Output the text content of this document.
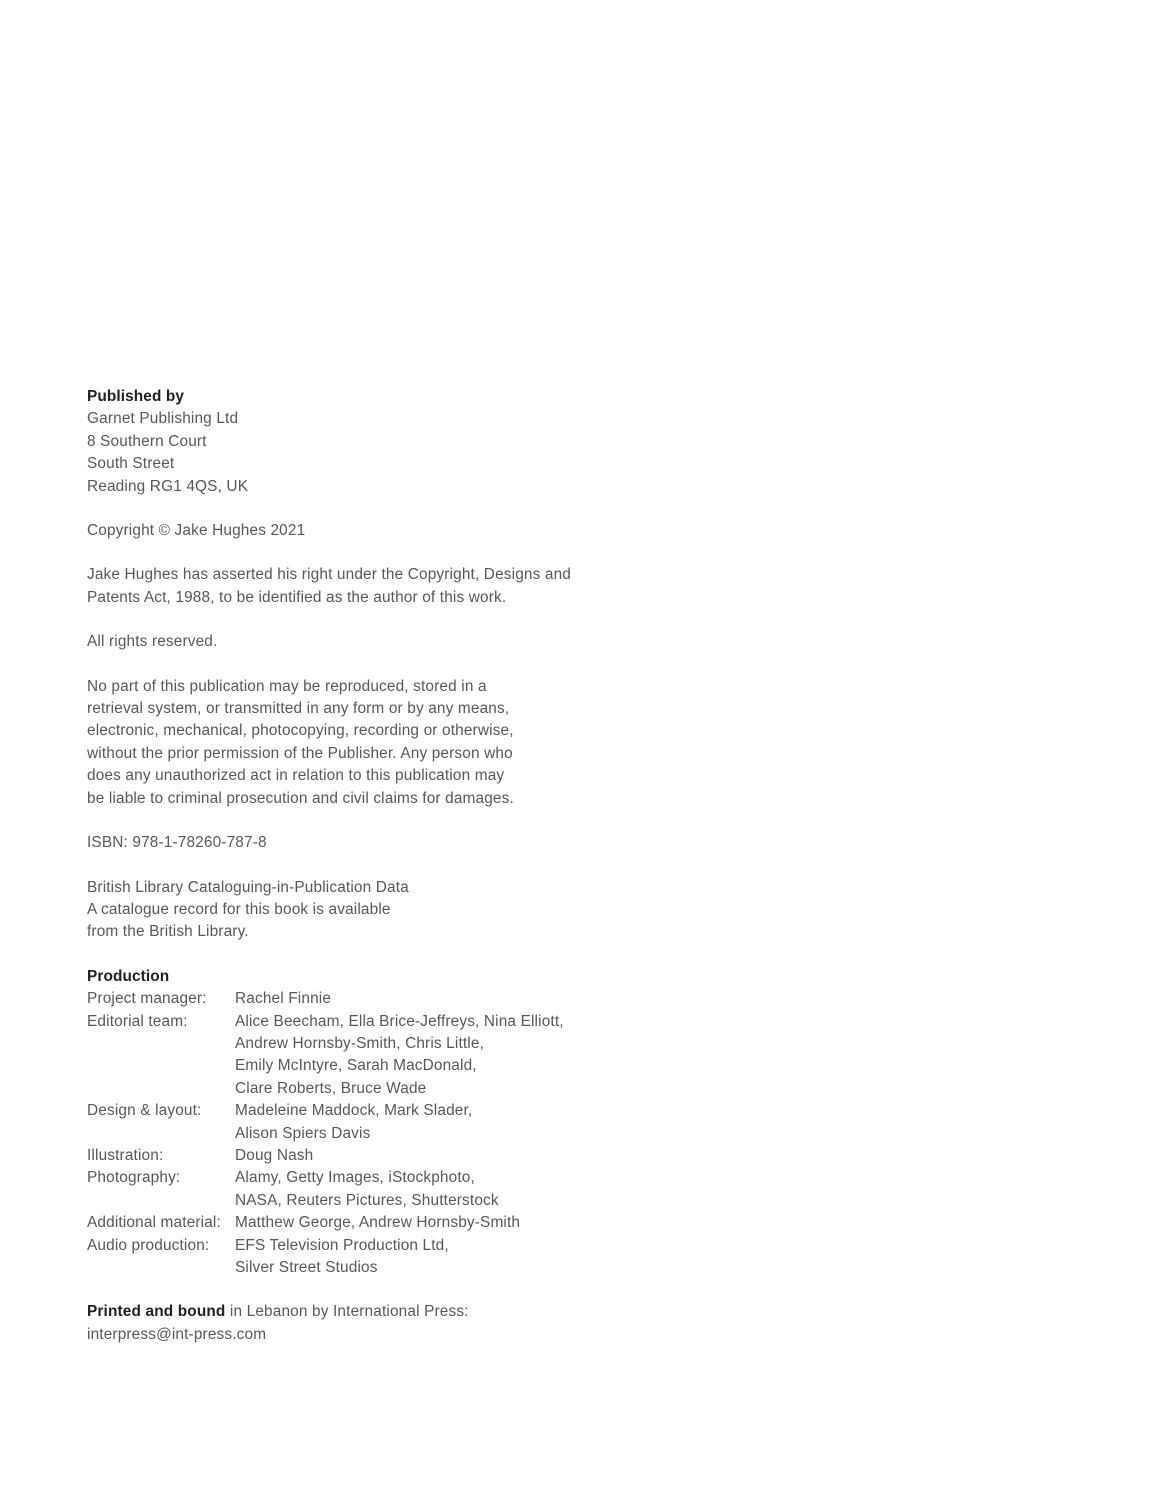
Published by
Garnet Publishing Ltd
8 Southern Court
South Street
Reading RG1 4QS, UK
Copyright © Jake Hughes 2021
Jake Hughes has asserted his right under the Copyright, Designs and
Patents Act, 1988, to be identified as the author of this work.
All rights reserved.
No part of this publication may be reproduced, stored in a
retrieval system, or transmitted in any form or by any means,
electronic, mechanical, photocopying, recording or otherwise,
without the prior permission of the Publisher. Any person who
does any unauthorized act in relation to this publication may
be liable to criminal prosecution and civil claims for damages.
ISBN: 978-1-78260-787-8
British Library Cataloguing-in-Publication Data
A catalogue record for this book is available
from the British Library.
Production
Project manager:	Rachel Finnie

Editorial team:	Alice Beecham, Ella Brice-Jeffreys, Nina Elliott,
Andrew Hornsby-Smith, Chris Little,
Emily McIntyre, Sarah MacDonald,
Clare Roberts, Bruce Wade

Design & layout:	Madeleine Maddock, Mark Slader,
Alison Spiers Davis

Illustration:	Doug Nash

Photography:	Alamy, Getty Images, iStockphoto,
NASA, Reuters Pictures, Shutterstock

Additional material:	Matthew George, Andrew Hornsby-Smith

Audio production:	EFS Television Production Ltd,
Silver Street Studios
Printed and bound in Lebanon by International Press:
interpress@int-press.com
